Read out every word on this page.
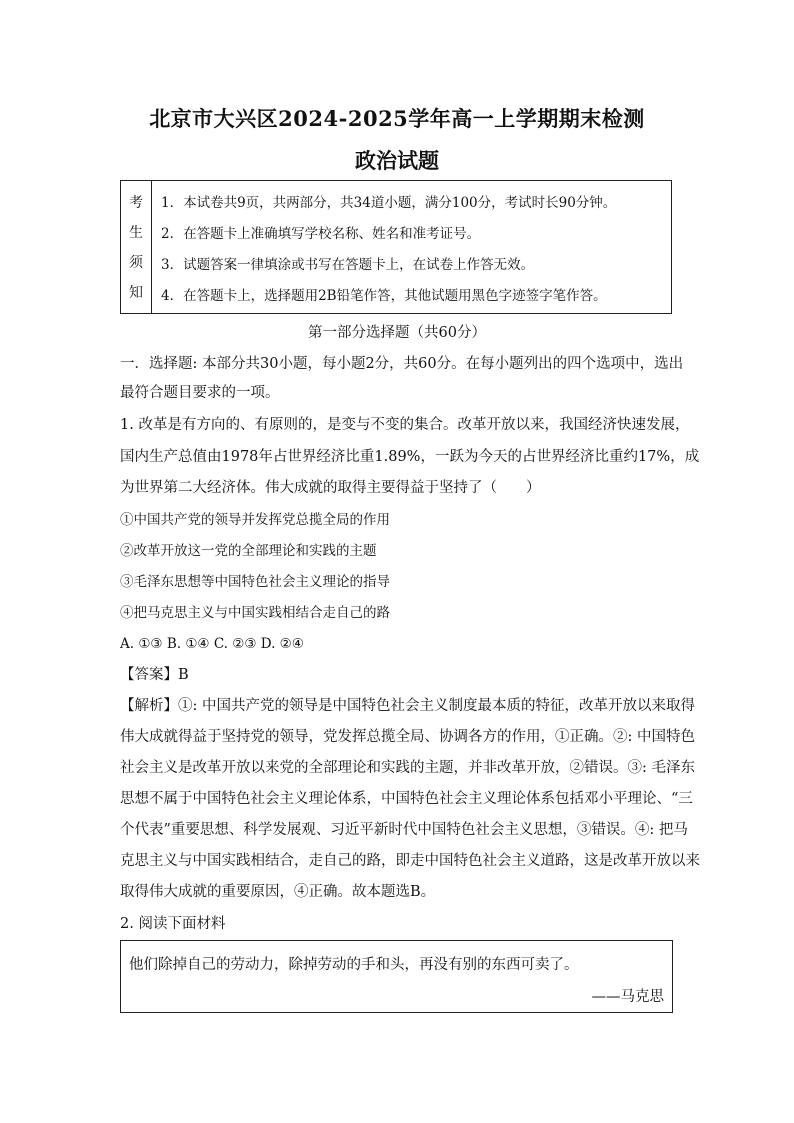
北京市大兴区2024-2025学年高一上学期期末检测
政治试题
考
生
须
知
1．本试卷共9页，共两部分，共34道小题，满分100分，考试时长90分钟。
2．在答题卡上准确填写学校名称、姓名和准考证号。
3．试题答案一律填涂或书写在答题卡上，在试卷上作答无效。
4．在答题卡上，选择题用2B铅笔作答，其他试题用黑色字迹签字笔作答。
第一部分选择题（共60分）
一．选择题: 本部分共30小题，每小题2分，共60分。在每小题列出的四个选项中，选出
最符合题目要求的一项。
1. 改革是有方向的、有原则的，是变与不变的集合。改革开放以来，我国经济快速发展，
国内生产总值由1978年占世界经济比重1.89%，一跃为今天的占世界经济比重约17%，成
为世界第二大经济体。伟大成就的取得主要得益于坚持了（　　）
①中国共产党的领导并发挥党总揽全局的作用
②改革开放这一党的全部理论和实践的主题
③毛泽东思想等中国特色社会主义理论的指导
④把马克思主义与中国实践相结合走自己的路
A. ①③ B. ①④ C. ②③ D. ②④
【答案】B
【解析】①: 中国共产党的领导是中国特色社会主义制度最本质的特征，改革开放以来取得
伟大成就得益于坚持党的领导，党发挥总揽全局、协调各方的作用，①正确。②: 中国特色
社会主义是改革开放以来党的全部理论和实践的主题，并非改革开放，②错误。③: 毛泽东
思想不属于中国特色社会主义理论体系，中国特色社会主义理论体系包括邓小平理论、“三
个代表”重要思想、科学发展观、习近平新时代中国特色社会主义思想，③错误。④: 把马
克思主义与中国实践相结合，走自己的路，即走中国特色社会主义道路，这是改革开放以来
取得伟大成就的重要原因，④正确。故本题选B。
2. 阅读下面材料
他们除掉自己的劳动力，除掉劳动的手和头，再没有别的东西可卖了。
——马克思
